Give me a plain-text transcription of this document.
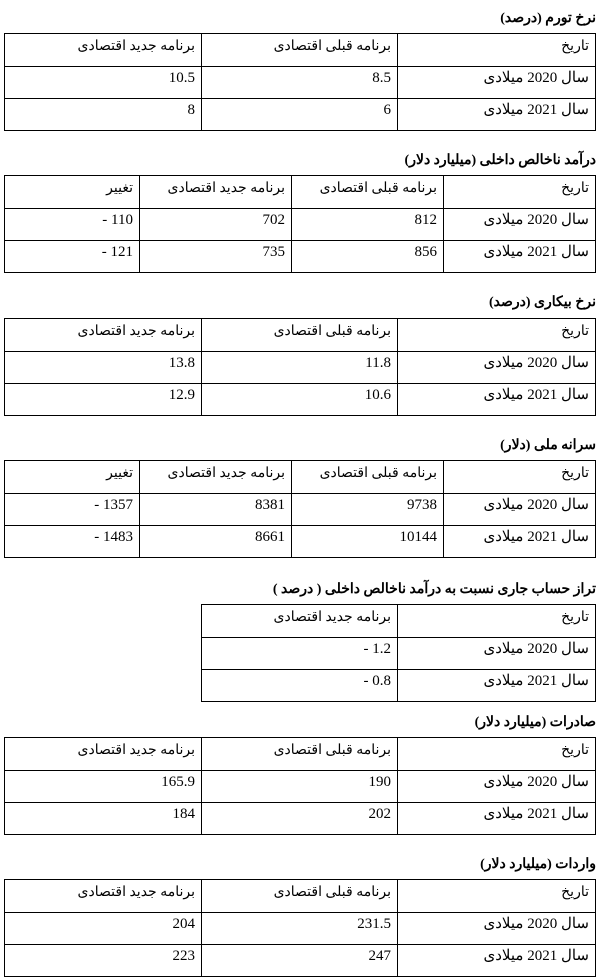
نرخ تورم (درصد)
تاریخ	برنامه قبلی اقتصادی	برنامه جدید اقتصادی
سال 2020 میلادی	8.5	10.5
سال 2021 میلادی	6	8
درآمد ناخالص داخلی (میلیارد دلار)
تاریخ	برنامه قبلی اقتصادی	برنامه جدید اقتصادی	تغییر
سال 2020 میلادی	812	702	110 -
سال 2021 میلادی	856	735	121 -
نرخ بیکاری (درصد)
تاریخ	برنامه قبلی اقتصادی	برنامه جدید اقتصادی
سال 2020 میلادی	11.8	13.8
سال 2021 میلادی	10.6	12.9
سرانه ملی (دلار)
تاریخ	برنامه قبلی اقتصادی	برنامه جدید اقتصادی	تغییر
سال 2020 میلادی	9738	8381	1357 -
سال 2021 میلادی	10144	8661	1483 -
تراز حساب جاری نسبت به درآمد ناخالص داخلی ( درصد )
تاریخ	برنامه جدید اقتصادی
سال 2020 میلادی	1.2 -
سال 2021 میلادی	0.8 -
صادرات (میلیارد دلار)
تاریخ	برنامه قبلی اقتصادی	برنامه جدید اقتصادی
سال 2020 میلادی	190	165.9
سال 2021 میلادی	202	184
واردات (میلیارد دلار)
تاریخ	برنامه قبلی اقتصادی	برنامه جدید اقتصادی
سال 2020 میلادی	231.5	204
سال 2021 میلادی	247	223
